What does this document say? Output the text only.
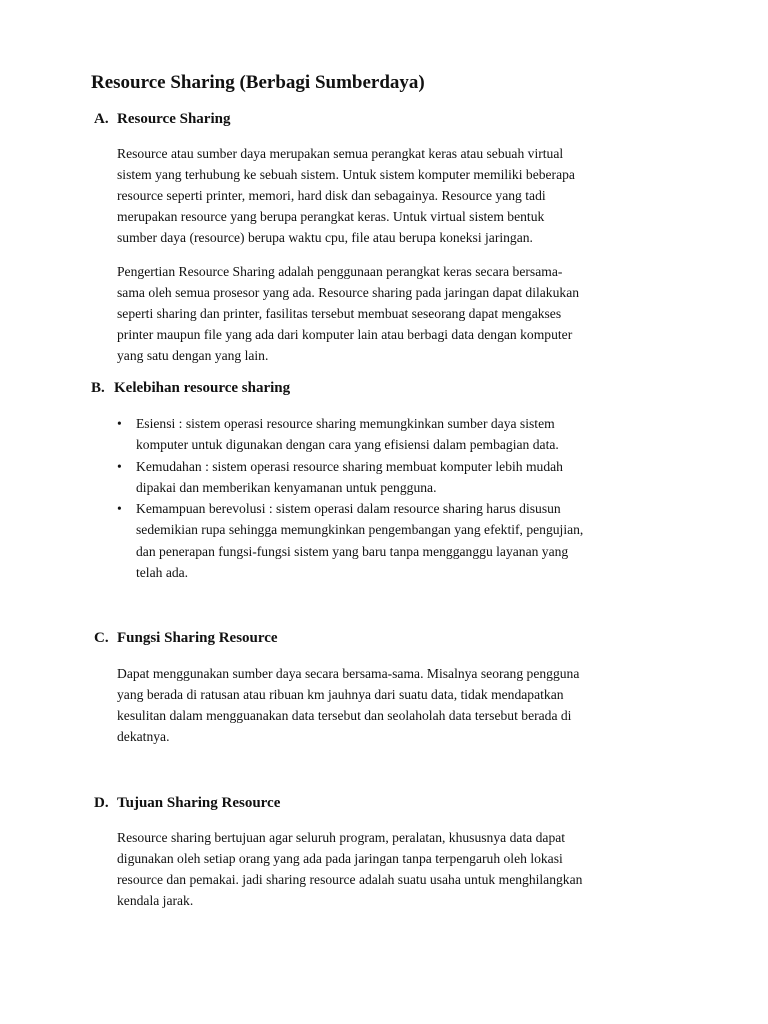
Resource Sharing (Berbagi Sumberdaya)
A. Resource Sharing

Resource atau sumber daya merupakan semua perangkat keras atau sebuah virtual
sistem yang terhubung ke sebuah sistem. Untuk sistem komputer memiliki beberapa
resource seperti printer, memori, hard disk dan sebagainya. Resource yang tadi
merupakan resource yang berupa perangkat keras. Untuk virtual sistem bentuk
sumber daya (resource) berupa waktu cpu, file atau berupa koneksi jaringan.

Pengertian Resource Sharing adalah penggunaan perangkat keras secara bersama-
sama oleh semua prosesor yang ada. Resource sharing pada jaringan dapat dilakukan
seperti sharing dan printer, fasilitas tersebut membuat seseorang dapat mengakses
printer maupun file yang ada dari komputer lain atau berbagi data dengan komputer
yang satu dengan yang lain.

B. Kelebihan resource sharing
• Esiensi : sistem operasi resource sharing memungkinkan sumber daya sistem
komputer untuk digunakan dengan cara yang efisiensi dalam pembagian data.
• Kemudahan : sistem operasi resource sharing membuat komputer lebih mudah
dipakai dan memberikan kenyamanan untuk pengguna.
• Kemampuan berevolusi : sistem operasi dalam resource sharing harus disusun
sedemikian rupa sehingga memungkinkan pengembangan yang efektif, pengujian,
dan penerapan fungsi-fungsi sistem yang baru tanpa mengganggu layanan yang
telah ada.
C. Fungsi Sharing Resource

Dapat menggunakan sumber daya secara bersama-sama. Misalnya seorang pengguna
yang berada di ratusan atau ribuan km jauhnya dari suatu data, tidak mendapatkan
kesulitan dalam mengguanakan data tersebut dan seolaholah data tersebut berada di
dekatnya.

D. Tujuan Sharing Resource

Resource sharing bertujuan agar seluruh program, peralatan, khususnya data dapat
digunakan oleh setiap orang yang ada pada jaringan tanpa terpengaruh oleh lokasi
resource dan pemakai. jadi sharing resource adalah suatu usaha untuk menghilangkan
kendala jarak.
